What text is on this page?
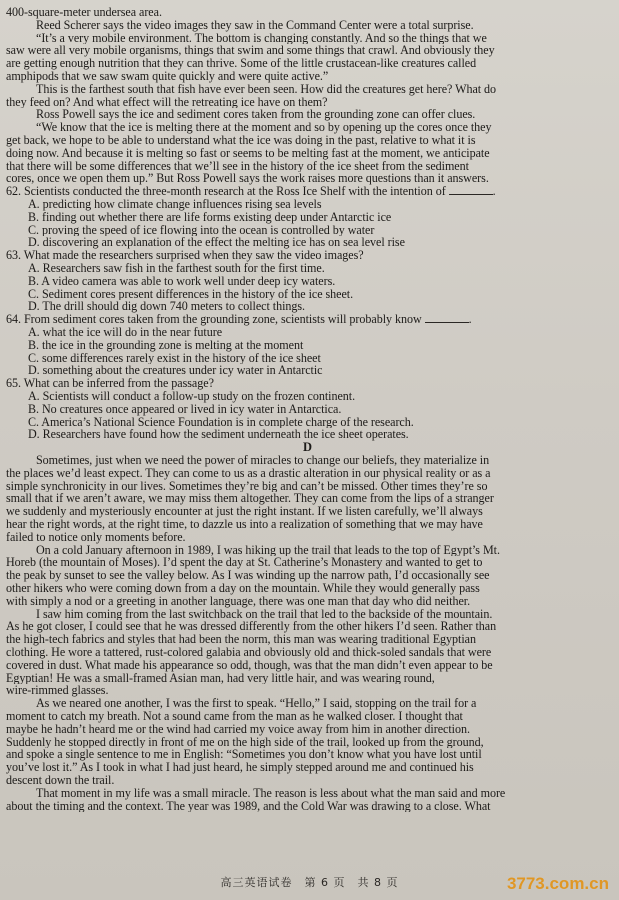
400-square-meter undersea area.
Reed Scherer says the video images they saw in the Command Center were a total surprise.
“It’s a very mobile environment. The bottom is changing constantly. And so the things that we
saw were all very mobile organisms, things that swim and some things that crawl. And obviously they
are getting enough nutrition that they can thrive. Some of the little crustacean-like creatures called
amphipods that we saw swam quite quickly and were quite active.”
This is the farthest south that fish have ever been seen. How did the creatures get here? What do
they feed on? And what effect will the retreating ice have on them?
Ross Powell says the ice and sediment cores taken from the grounding zone can offer clues.
“We know that the ice is melting there at the moment and so by opening up the cores once they
get back, we hope to be able to understand what the ice was doing in the past, relative to what it is
doing now. And because it is melting so fast or seems to be melting fast at the moment, we anticipate
that there will be some differences that we’ll see in the history of the ice sheet from the sediment
cores, once we open them up.” But Ross Powell says the work raises more questions than it answers.
62. Scientists conducted the three-month research at the Ross Ice Shelf with the intention of	.
A. predicting how climate change influences rising sea levels
B. finding out whether there are life forms existing deep under Antarctic ice
C. proving the speed of ice flowing into the ocean is controlled by water
D. discovering an explanation of the effect the melting ice has on sea level rise
63. What made the researchers surprised when they saw the video images?
A. Researchers saw fish in the farthest south for the first time.
B. A video camera was able to work well under deep icy waters.
C. Sediment cores present differences in the history of the ice sheet.
D. The drill should dig down 740 meters to collect things.
64. From sediment cores taken from the grounding zone, scientists will probably know	.
A. what the ice will do in the near future
B. the ice in the grounding zone is melting at the moment
C. some differences rarely exist in the history of the ice sheet
D. something about the creatures under icy water in Antarctic
65. What can be inferred from the passage?
A. Scientists will conduct a follow-up study on the frozen continent.
B. No creatures once appeared or lived in icy water in Antarctica.
C. America’s National Science Foundation is in complete charge of the research.
D. Researchers have found how the sediment underneath the ice sheet operates.
D
Sometimes, just when we need the power of miracles to change our beliefs, they materialize in
the places we’d least expect. They can come to us as a drastic alteration in our physical reality or as a
simple synchronicity in our lives. Sometimes they’re big and can’t be missed. Other times they’re so
small that if we aren’t aware, we may miss them altogether. They can come from the lips of a stranger
we suddenly and mysteriously encounter at just the right instant. If we listen carefully, we’ll always
hear the right words, at the right time, to dazzle us into a realization of something that we may have
failed to notice only moments before.
On a cold January afternoon in 1989, I was hiking up the trail that leads to the top of Egypt’s Mt.
Horeb (the mountain of Moses). I’d spent the day at St. Catherine’s Monastery and wanted to get to
the peak by sunset to see the valley below. As I was winding up the narrow path, I’d occasionally see
other hikers who were coming down from a day on the mountain. While they would generally pass
with simply a nod or a greeting in another language, there was one man that day who did neither.
I saw him coming from the last switchback on the trail that led to the backside of the mountain.
As he got closer, I could see that he was dressed differently from the other hikers I’d seen. Rather than
the high-tech fabrics and styles that had been the norm, this man was wearing traditional Egyptian
clothing. He wore a tattered, rust-colored galabia and obviously old and thick-soled sandals that were
covered in dust. What made his appearance so odd, though, was that the man didn’t even appear to be
Egyptian! He was a small-framed Asian man, had very little hair, and was wearing round,
wire-rimmed glasses.
As we neared one another, I was the first to speak. “Hello,” I said, stopping on the trail for a
moment to catch my breath. Not a sound came from the man as he walked closer. I thought that
maybe he hadn’t heard me or the wind had carried my voice away from him in another direction.
Suddenly he stopped directly in front of me on the high side of the trail, looked up from the ground,
and spoke a single sentence to me in English: “Sometimes you don’t know what you have lost until
you’ve lost it.” As I took in what I had just heard, he simply stepped around me and continued his
descent down the trail.
That moment in my life was a small miracle. The reason is less about what the man said and more
about the timing and the context. The year was 1989, and the Cold War was drawing to a close. What
高三英语试卷　第 6 页　共 8 页	3773.com.cn
